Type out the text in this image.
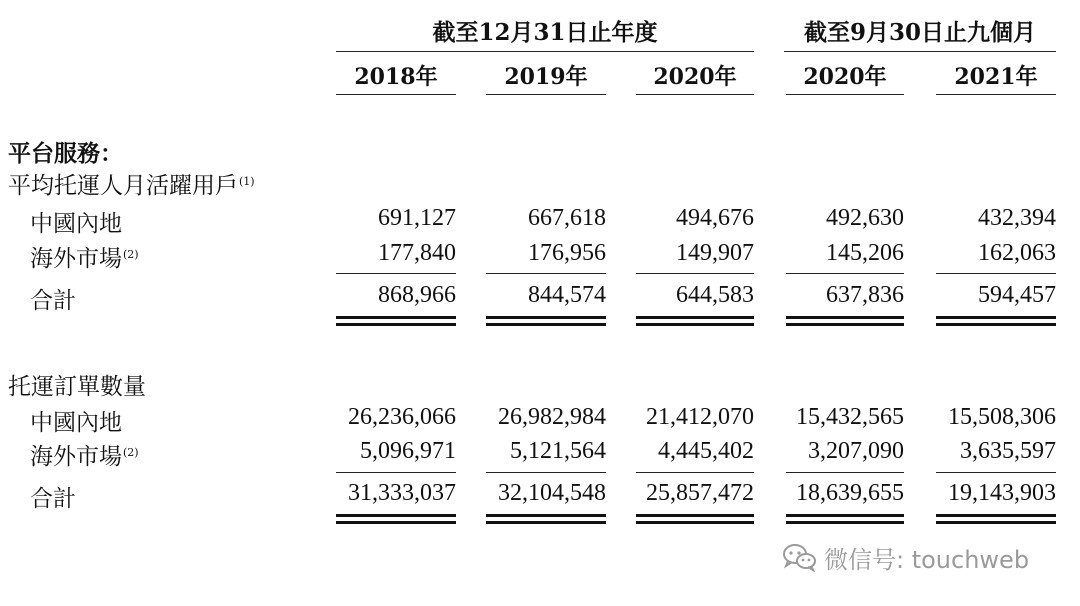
截至12月31日止年度	截至9月30日止九個月
2018年	2019年	2020年	2020年	2021年
平台服務：
平均托運人月活躍用戶$^{(1)}$
中國內地	691,127	667,618	494,676	492,630	432,394
海外市場$^{(2)}$	177,840	176,956	149,907	145,206	162,063
合計	868,966	844,574	644,583	637,836	594,457
托運訂單數量
中國內地	26,236,066	26,982,984	21,412,070	15,432,565	15,508,306
海外市場$^{(2)}$	5,096,971	5,121,564	4,445,402	3,207,090	3,635,597
合計	31,333,037	32,104,548	25,857,472	18,639,655	19,143,903
微信号: touchweb
